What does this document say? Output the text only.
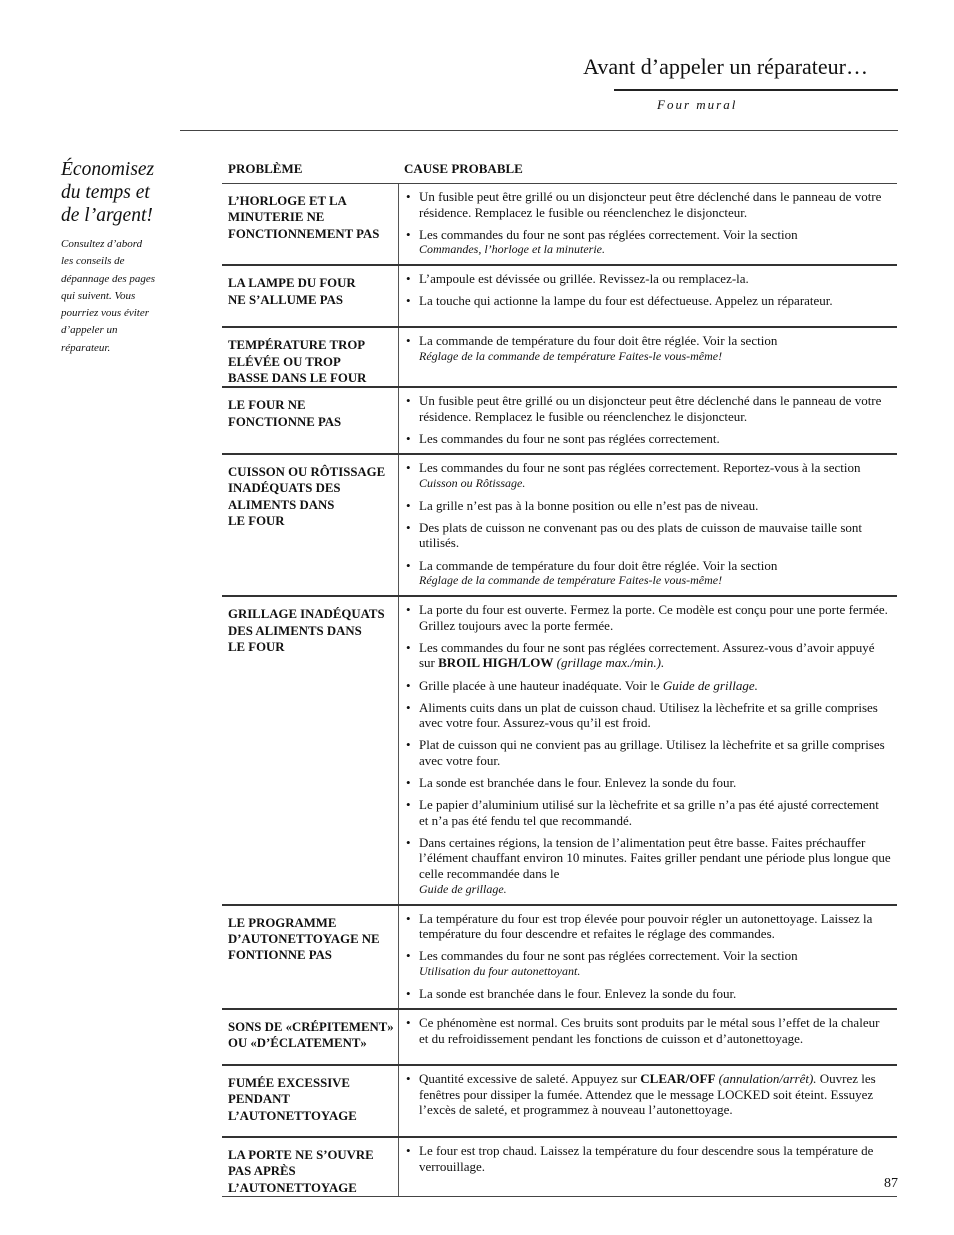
Avant d’appeler un réparateur…
Four mural
Économisez
du temps et
de l’argent!
Consultez d’abord
les conseils de
dépannage des pages
qui suivent. Vous
pourriez vous éviter
d’appeler un
réparateur.
PROBLÈME	CAUSE PROBABLE
L’HORLOGE ET LA
MINUTERIE NE
FONCTIONNEMENT PAS
• Un fusible peut être grillé ou un disjoncteur peut être déclenché dans le panneau de votre résidence. Remplacez le fusible ou réenclenchez le disjoncteur.
• Les commandes du four ne sont pas réglées correctement. Voir la section
Commandes, l’horloge et la minuterie.
LA LAMPE DU FOUR
NE S’ALLUME PAS
• L’ampoule est dévissée ou grillée. Revissez-la ou remplacez-la.
• La touche qui actionne la lampe du four est défectueuse. Appelez un réparateur.
TEMPÉRATURE TROP
ELÉVÉE OU TROP
BASSE DANS LE FOUR
• La commande de température du four doit être réglée. Voir la section
Réglage de la commande de température Faites-le vous-même!
LE FOUR NE
FONCTIONNE PAS
• Un fusible peut être grillé ou un disjoncteur peut être déclenché dans le panneau de votre résidence. Remplacez le fusible ou réenclenchez le disjoncteur.
• Les commandes du four ne sont pas réglées correctement.
CUISSON OU RÔTISSAGE
INADÉQUATS DES
ALIMENTS DANS
LE FOUR
• Les commandes du four ne sont pas réglées correctement. Reportez-vous à la section
Cuisson ou Rôtissage.
• La grille n’est pas à la bonne position ou elle n’est pas de niveau.
• Des plats de cuisson ne convenant pas ou des plats de cuisson de mauvaise taille sont utilisés.
• La commande de température du four doit être réglée. Voir la section
Réglage de la commande de température Faites-le vous-même!
GRILLAGE INADÉQUATS
DES ALIMENTS DANS
LE FOUR
• La porte du four est ouverte. Fermez la porte. Ce modèle est conçu pour une porte fermée. Grillez toujours avec la porte fermée.
• Les commandes du four ne sont pas réglées correctement. Assurez-vous d’avoir appuyé sur BROIL HIGH/LOW (grillage max./min.).
• Grille placée à une hauteur inadéquate. Voir le Guide de grillage.
• Aliments cuits dans un plat de cuisson chaud. Utilisez la lèchefrite et sa grille comprises avec votre four. Assurez-vous qu’il est froid.
• Plat de cuisson qui ne convient pas au grillage. Utilisez la lèchefrite et sa grille comprises avec votre four.
• La sonde est branchée dans le four. Enlevez la sonde du four.
• Le papier d’aluminium utilisé sur la lèchefrite et sa grille n’a pas été ajusté correctement et n’a pas été fendu tel que recommandé.
• Dans certaines régions, la tension de l’alimentation peut être basse. Faites préchauffer l’élément chauffant environ 10 minutes. Faites griller pendant une période plus longue que celle recommandée dans le
Guide de grillage.
LE PROGRAMME
D’AUTONETTOYAGE NE
FONTIONNE PAS
• La température du four est trop élevée pour pouvoir régler un autonettoyage. Laissez la température du four descendre et refaites le réglage des commandes.
• Les commandes du four ne sont pas réglées correctement. Voir la section
Utilisation du four autonettoyant.
• La sonde est branchée dans le four. Enlevez la sonde du four.
SONS DE «CRÉPITEMENT»
OU «D’ÉCLATEMENT»
• Ce phénomène est normal. Ces bruits sont produits par le métal sous l’effet de la chaleur et du refroidissement pendant les fonctions de cuisson et d’autonettoyage.
FUMÉE EXCESSIVE
PENDANT
L’AUTONETTOYAGE
• Quantité excessive de saleté. Appuyez sur CLEAR/OFF (annulation/arrêt). Ouvrez les fenêtres pour dissiper la fumée. Attendez que le message LOCKED soit éteint. Essuyez l’excès de saleté, et programmez à nouveau l’autonettoyage.
LA PORTE NE S’OUVRE
PAS APRÈS
L’AUTONETTOYAGE
• Le four est trop chaud. Laissez la température du four descendre sous la température de verrouillage.
87
